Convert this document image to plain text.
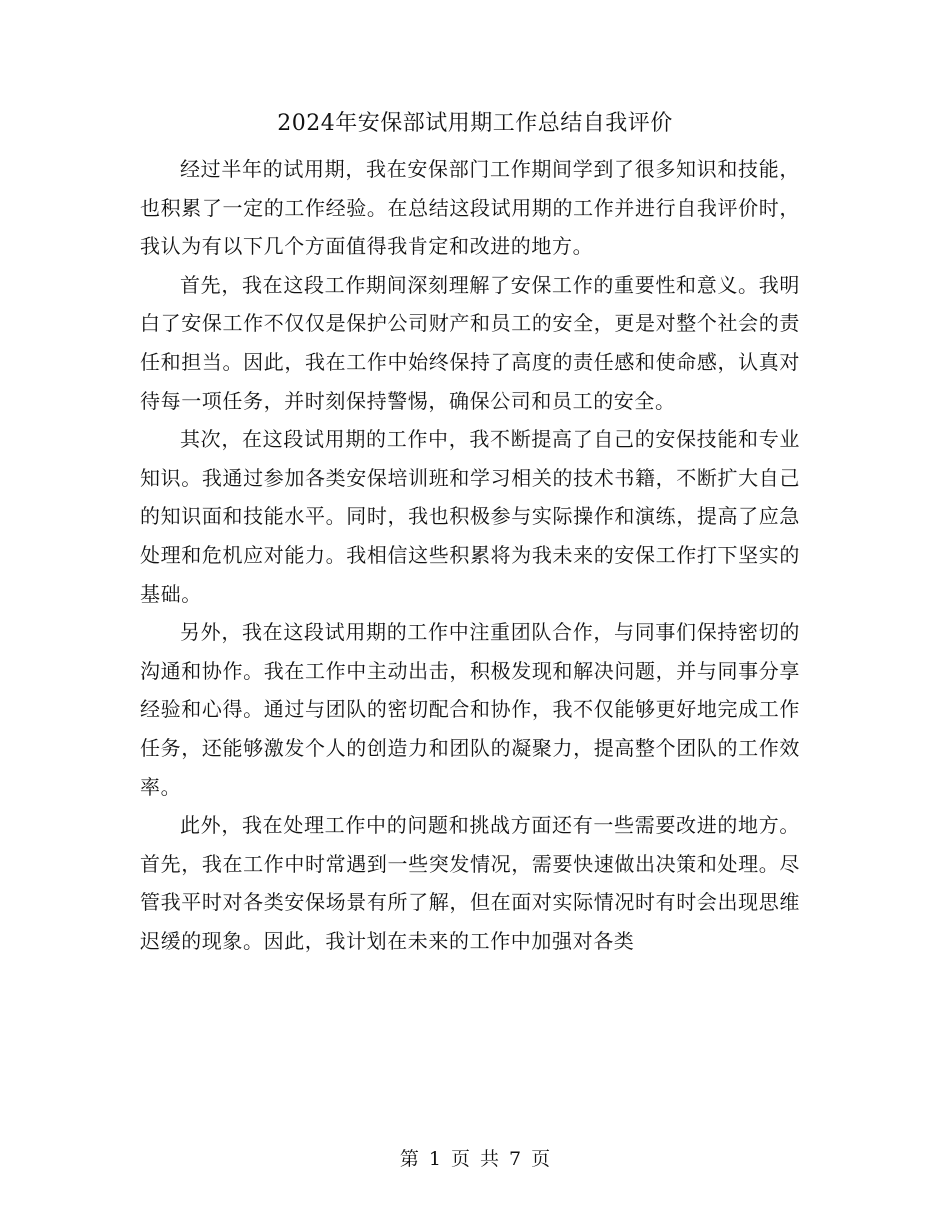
2024年安保部试用期工作总结自我评价

经过半年的试用期，我在安保部门工作期间学到了很多知识和技能，也积累了一定的工作经验。在总结这段试用期的工作并进行自我评价时，我认为有以下几个方面值得我肯定和改进的地方。

首先，我在这段工作期间深刻理解了安保工作的重要性和意义。我明白了安保工作不仅仅是保护公司财产和员工的安全，更是对整个社会的责任和担当。因此，我在工作中始终保持了高度的责任感和使命感，认真对待每一项任务，并时刻保持警惕，确保公司和员工的安全。

其次，在这段试用期的工作中，我不断提高了自己的安保技能和专业知识。我通过参加各类安保培训班和学习相关的技术书籍，不断扩大自己的知识面和技能水平。同时，我也积极参与实际操作和演练，提高了应急处理和危机应对能力。我相信这些积累将为我未来的安保工作打下坚实的基础。

另外，我在这段试用期的工作中注重团队合作，与同事们保持密切的沟通和协作。我在工作中主动出击，积极发现和解决问题，并与同事分享经验和心得。通过与团队的密切配合和协作，我不仅能够更好地完成工作任务，还能够激发个人的创造力和团队的凝聚力，提高整个团队的工作效率。

此外，我在处理工作中的问题和挑战方面还有一些需要改进的地方。首先，我在工作中时常遇到一些突发情况，需要快速做出决策和处理。尽管我平时对各类安保场景有所了解，但在面对实际情况时有时会出现思维迟缓的现象。因此，我计划在未来的工作中加强对各类

第 1 页 共 7 页
